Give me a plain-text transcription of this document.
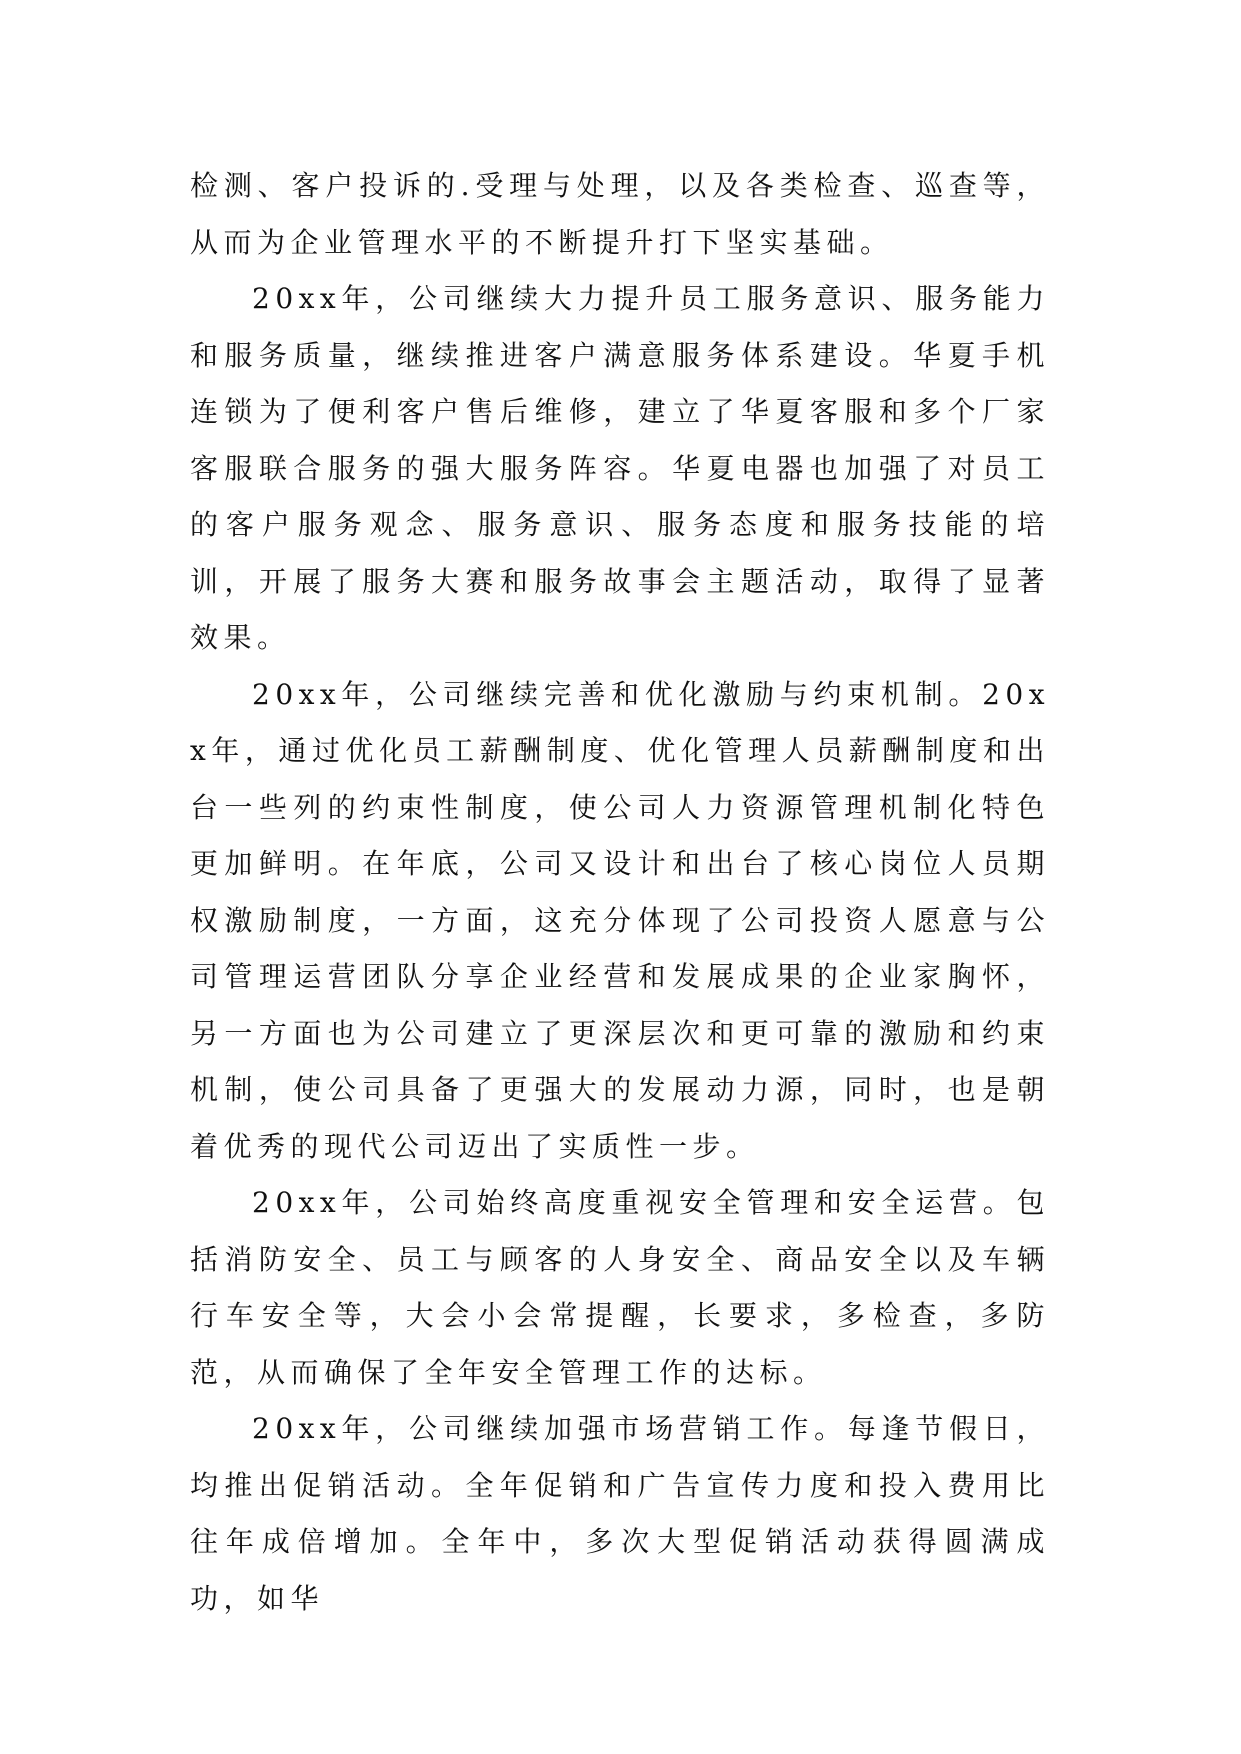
检测、客户投诉的.受理与处理，以及各类检查、巡查等，从而为企业管理水平的不断提升打下坚实基础。

20xx年，公司继续大力提升员工服务意识、服务能力和服务质量，继续推进客户满意服务体系建设。华夏手机连锁为了便利客户售后维修，建立了华夏客服和多个厂家客服联合服务的强大服务阵容。华夏电器也加强了对员工的客户服务观念、服务意识、服务态度和服务技能的培训，开展了服务大赛和服务故事会主题活动，取得了显著效果。

20xx年，公司继续完善和优化激励与约束机制。20xx年，通过优化员工薪酬制度、优化管理人员薪酬制度和出台一些列的约束性制度，使公司人力资源管理机制化特色更加鲜明。在年底，公司又设计和出台了核心岗位人员期权激励制度，一方面，这充分体现了公司投资人愿意与公司管理运营团队分享企业经营和发展成果的企业家胸怀，另一方面也为公司建立了更深层次和更可靠的激励和约束机制，使公司具备了更强大的发展动力源，同时，也是朝着优秀的现代公司迈出了实质性一步。

20xx年，公司始终高度重视安全管理和安全运营。包括消防安全、员工与顾客的人身安全、商品安全以及车辆行车安全等，大会小会常提醒，长要求，多检查，多防范，从而确保了全年安全管理工作的达标。

20xx年，公司继续加强市场营销工作。每逢节假日，均推出促销活动。全年促销和广告宣传力度和投入费用比往年成倍增加。全年中，多次大型促销活动获得圆满成功，如华
